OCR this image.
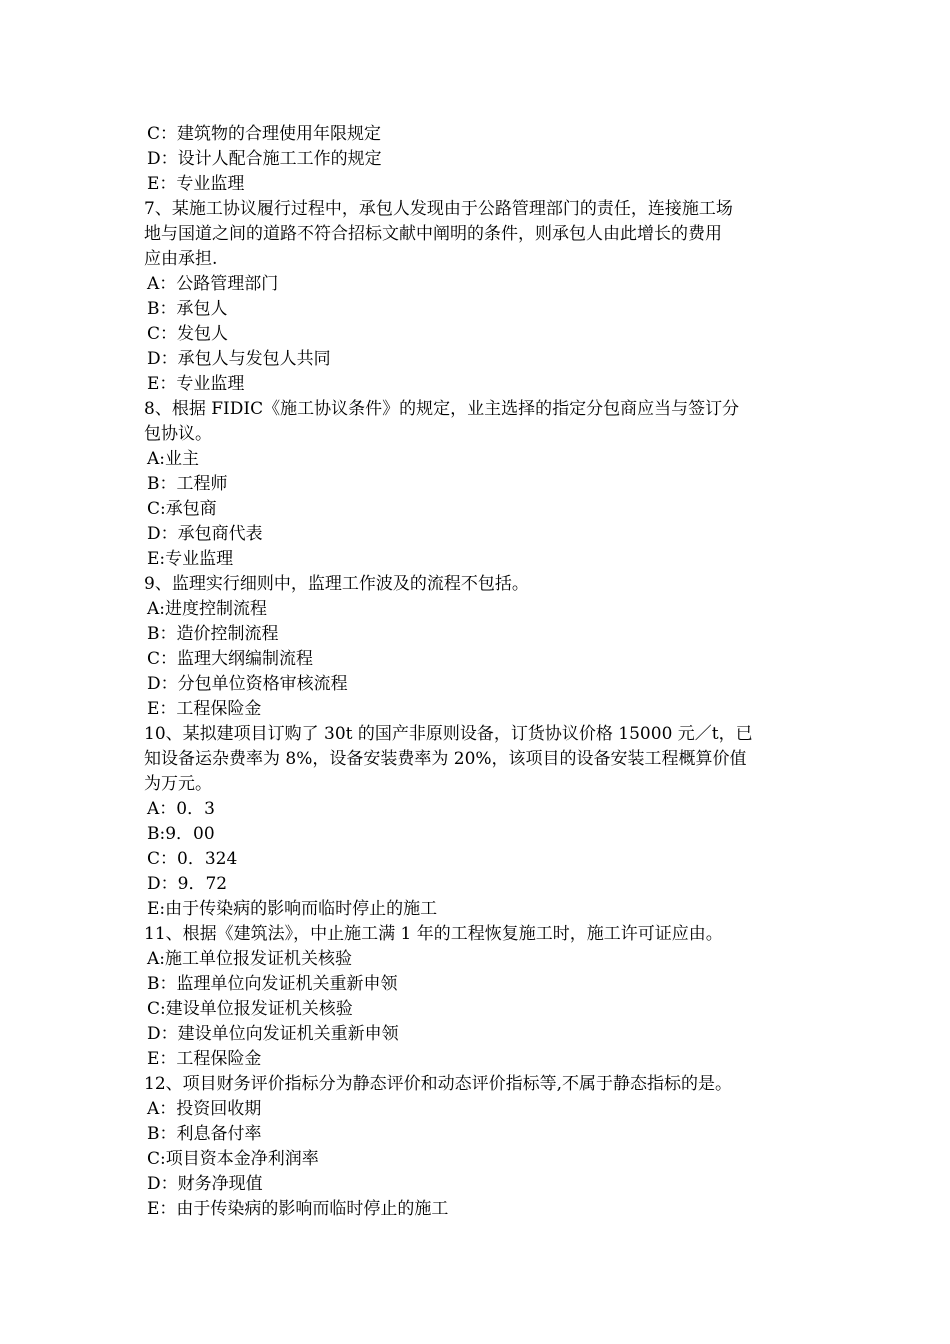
C：建筑物的合理使用年限规定
D：设计人配合施工工作的规定
E：专业监理
7、某施工协议履行过程中，承包人发现由于公路管理部门的责任，连接施工场
地与国道之间的道路不符合招标文献中阐明的条件，则承包人由此增长的费用
应由承担.
A：公路管理部门
B：承包人
C：发包人
D：承包人与发包人共同
E：专业监理
8、根据 FIDIC《施工协议条件》的规定，业主选择的指定分包商应当与签订分
包协议。
A:业主
B：工程师
C:承包商
D：承包商代表
E:专业监理
9、监理实行细则中，监理工作波及的流程不包括。
A:进度控制流程
B：造价控制流程
C：监理大纲编制流程
D：分包单位资格审核流程
E：工程保险金
10、某拟建项目订购了 30t 的国产非原则设备，订货协议价格 15000 元／t，已
知设备运杂费率为 8%，设备安装费率为 20%，该项目的设备安装工程概算价值
为万元。
A：0．3
B:9．00
C：0．324
D：9．72
E:由于传染病的影响而临时停止的施工
11、根据《建筑法》，中止施工满 1 年的工程恢复施工时，施工许可证应由。
A:施工单位报发证机关核验
B：监理单位向发证机关重新申领
C:建设单位报发证机关核验
D：建设单位向发证机关重新申领
E：工程保险金
12、项目财务评价指标分为静态评价和动态评价指标等,不属于静态指标的是。
A：投资回收期
B：利息备付率
C:项目资本金净利润率
D：财务净现值
E：由于传染病的影响而临时停止的施工
